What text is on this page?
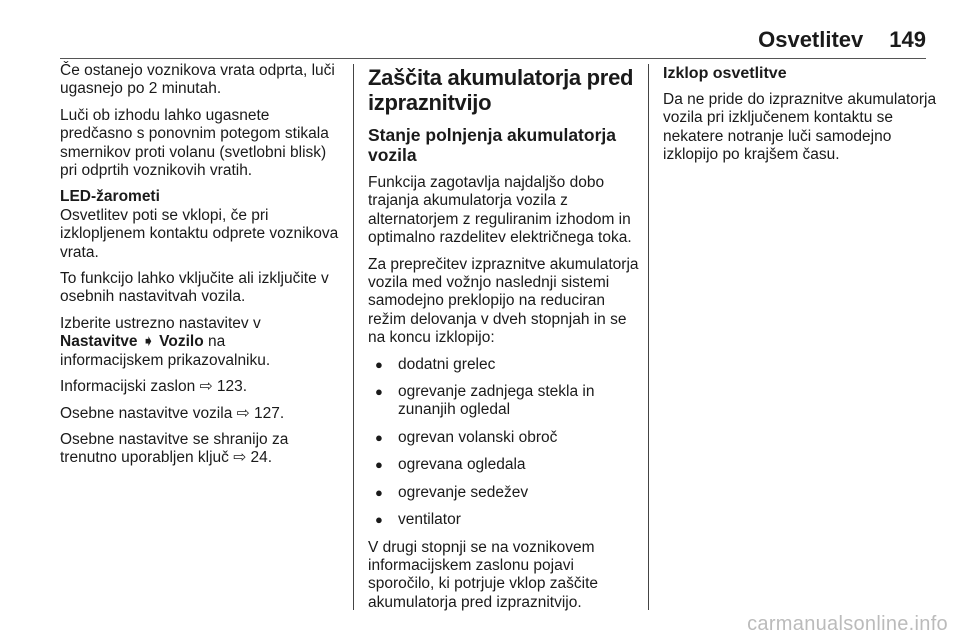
Osvetlitev 149

Če ostanejo voznikova vrata odprta, luči ugasnejo po 2 minutah.

Luči ob izhodu lahko ugasnete predčasno s ponovnim potegom stikala smernikov proti volanu (svetlobni blisk) pri odprtih voznikovih vratih.

LED-žarometi

Osvetlitev poti se vklopi, če pri izklopljenem kontaktu odprete voznikova vrata.

To funkcijo lahko vključite ali izključite v osebnih nastavitvah vozila.

Izberite ustrezno nastavitev v
Nastavitve ➧ Vozilo na
informacijskem prikazovalniku.

Informacijski zaslon ⇨ 123.

Osebne nastavitve vozila ⇨ 127.

Osebne nastavitve se shranijo za trenutno uporabljen ključ ⇨ 24.

Zaščita akumulatorja pred izpraznitvijo
Stanje polnjenja akumulatorja vozila

Funkcija zagotavlja najdaljšo dobo trajanja akumulatorja vozila z alternatorjem z reguliranim izhodom in optimalno razdelitev električnega toka.

Za preprečitev izpraznitve akumulatorja vozila med vožnjo naslednji sistemi samodejno preklopijo na reduciran režim delovanja v dveh stopnjah in se na koncu izklopijo:

● dodatni grelec
● ogrevanje zadnjega stekla in zunanjih ogledal
● ogrevan volanski obroč
● ogrevana ogledala
● ogrevanje sedežev
● ventilator

V drugi stopnji se na voznikovem informacijskem zaslonu pojavi sporočilo, ki potrjuje vklop zaščite akumulatorja pred izpraznitvijo.

Izklop osvetlitve

Da ne pride do izpraznitve akumulatorja vozila pri izključenem kontaktu se nekatere notranje luči samodejno izklopijo po krajšem času.

carmanualsonline.info
